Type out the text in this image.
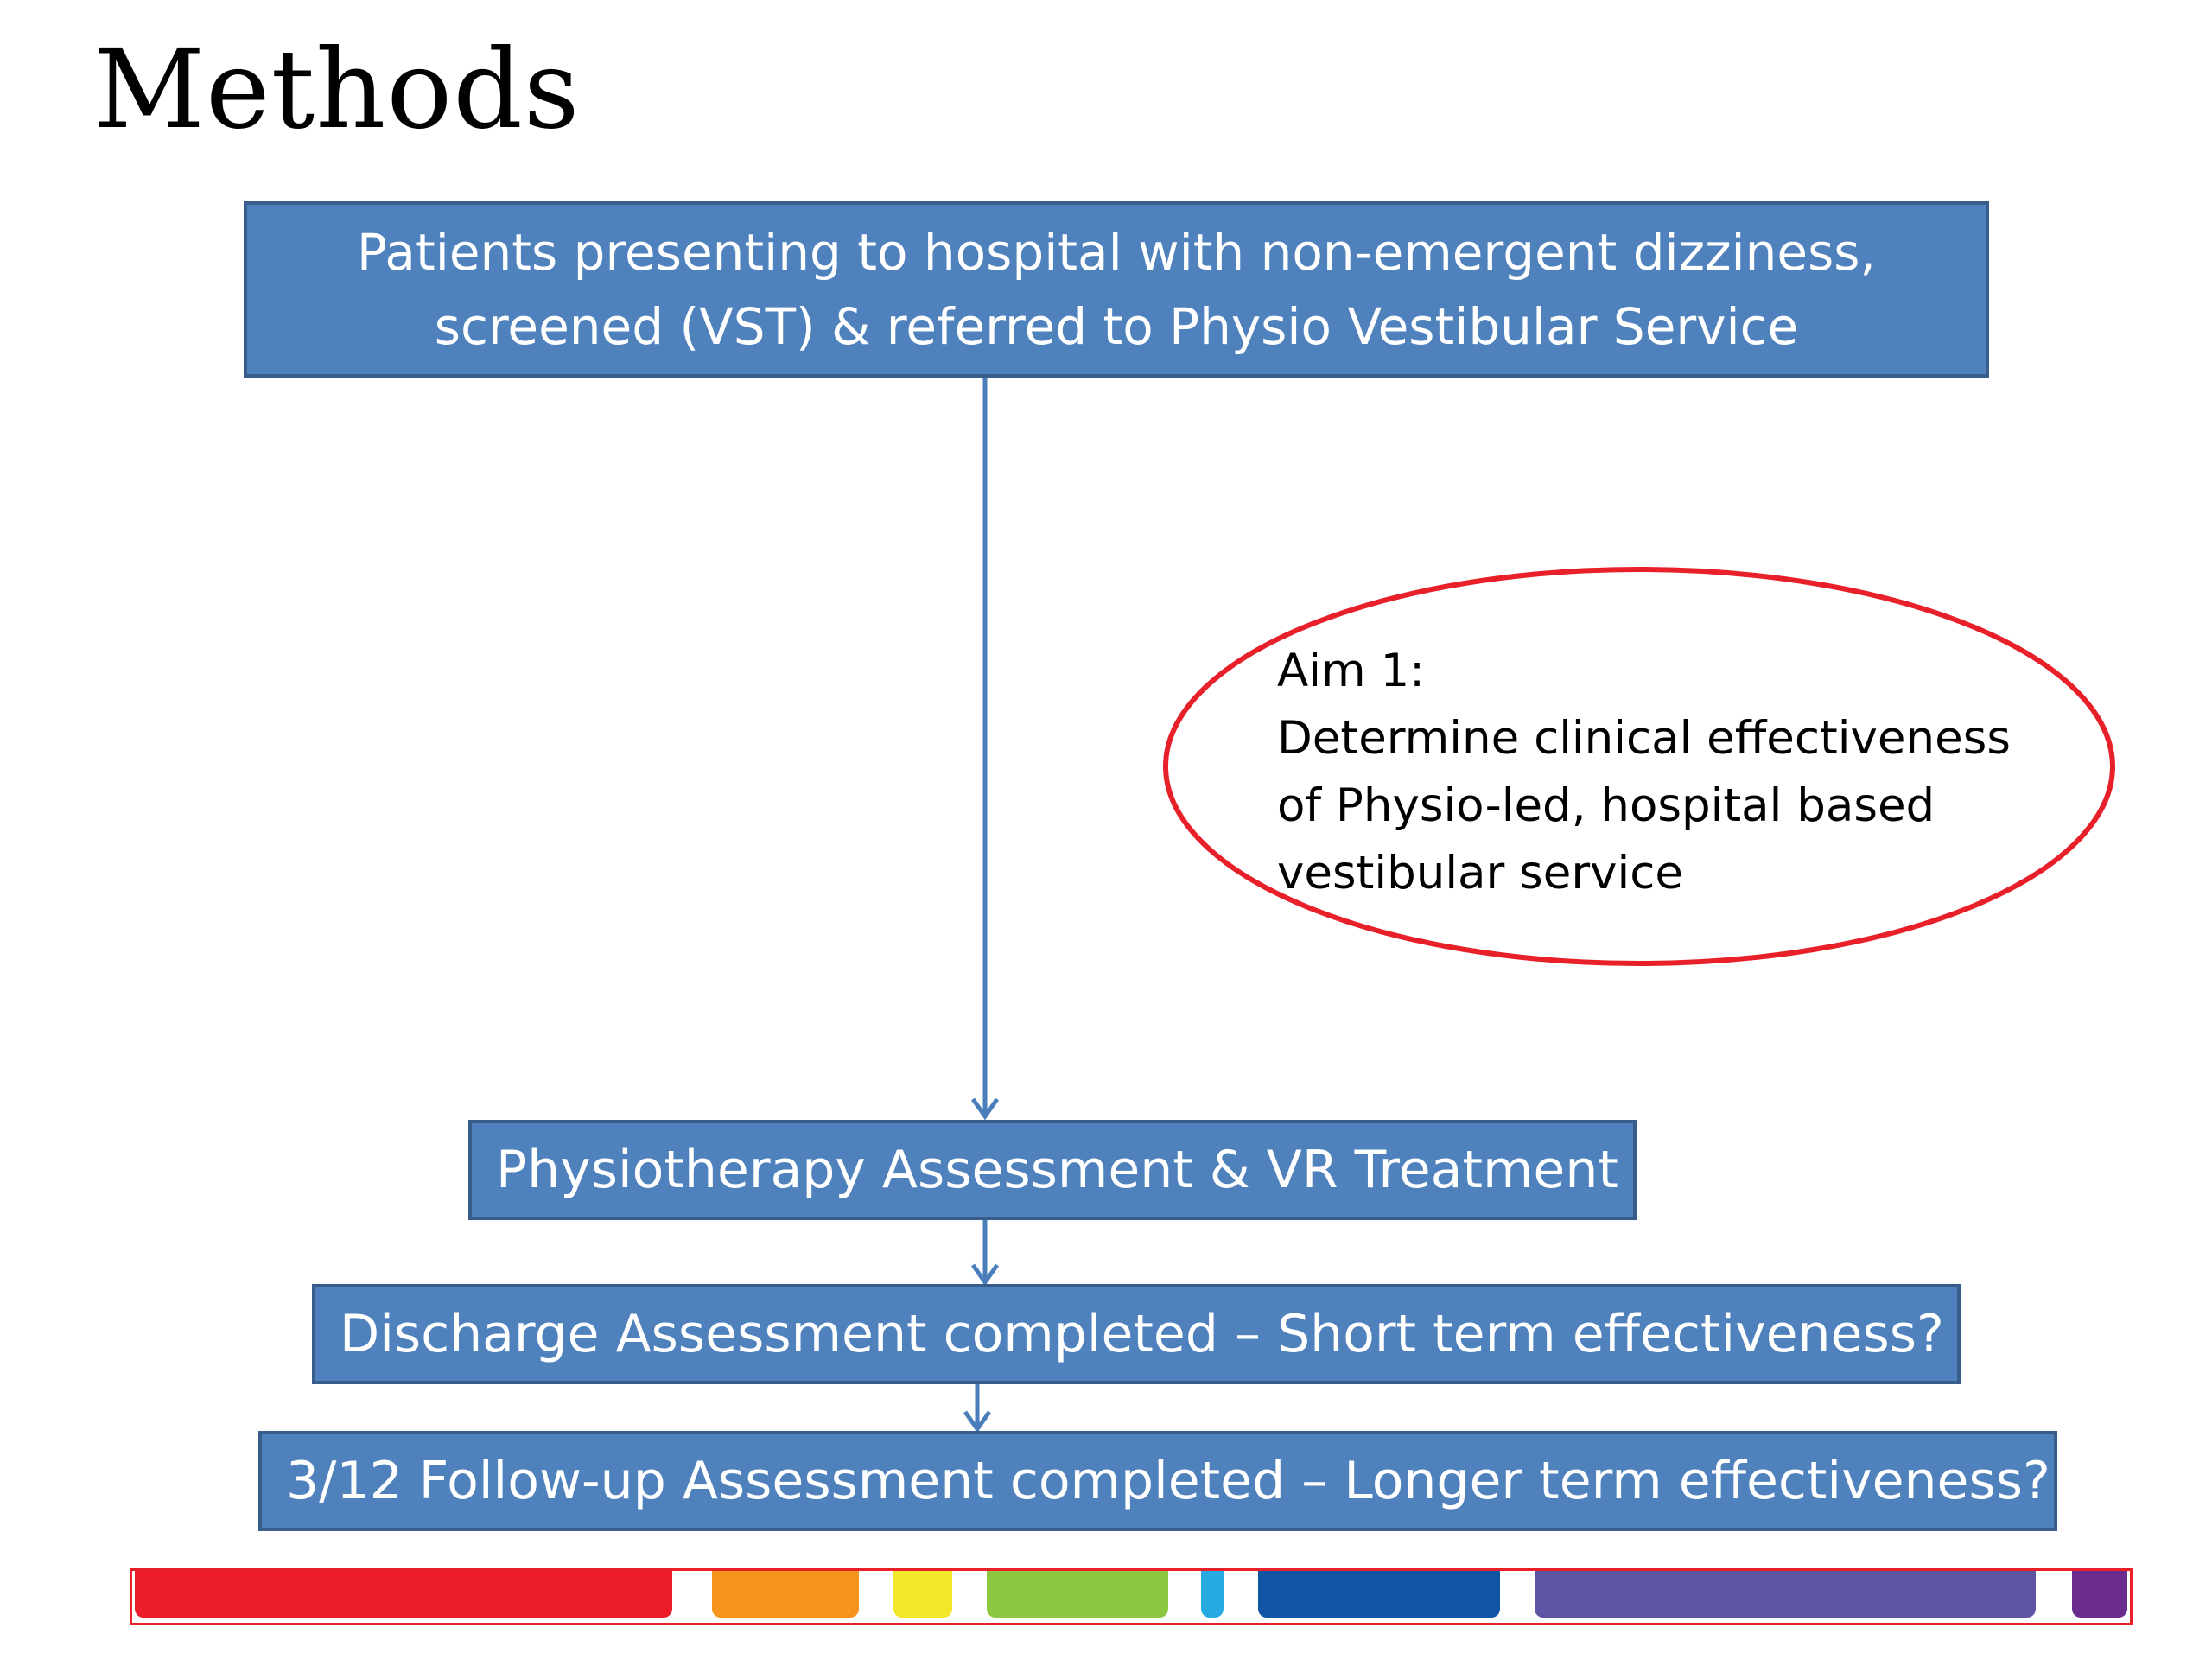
Methods
Patients presenting to hospital with non-emergent dizziness,
screened (VST) & referred to Physio Vestibular Service
Physiotherapy Assessment & VR Treatment
Discharge Assessment completed – Short term effectiveness?
3/12 Follow-up Assessment completed – Longer term effectiveness?
Aim 1:
Determine clinical effectiveness
of Physio-led, hospital based
vestibular service
